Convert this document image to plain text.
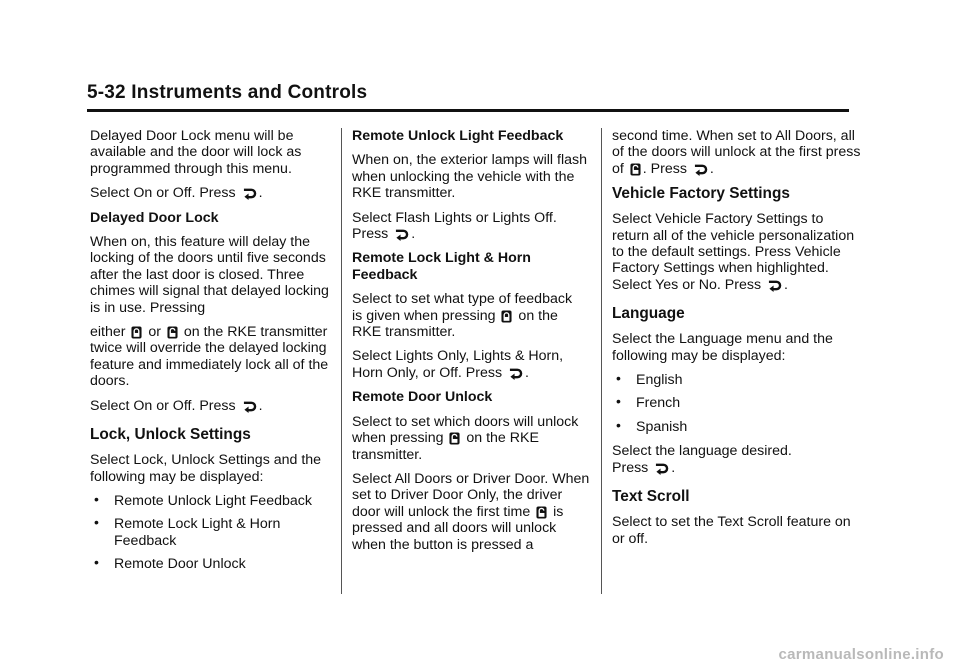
5-32 Instruments and Controls

Delayed Door Lock menu will be available and the door will lock as programmed through this menu.

Select On or Off. Press
.

Delayed Door Lock

When on, this feature will delay the locking of the doors until five seconds after the last door is closed. Three chimes will signal that delayed locking is in use. Pressing

either
or
on the RKE transmitter twice will override the delayed locking feature and immediately lock all of the doors.

Select On or Off. Press
.

Lock, Unlock Settings

Select Lock, Unlock Settings and the following may be displayed:

• Remote Unlock Light Feedback
• Remote Lock Light & Horn Feedback
• Remote Door Unlock

Remote Unlock Light Feedback

When on, the exterior lamps will flash when unlocking the vehicle with the RKE transmitter.

Select Flash Lights or Lights Off.
Press
.

Remote Lock Light & Horn Feedback

Select to set what type of feedback
is given when pressing
on the RKE transmitter.

Select Lights Only, Lights & Horn,
Horn Only, or Off. Press
.

Remote Door Unlock

Select to set which doors will unlock
when pressing
on the RKE transmitter.

Select All Doors or Driver Door. When set to Driver Door Only, the driver door will unlock the first time
is pressed and all doors will unlock when the button is pressed a

second time. When set to All Doors, all of the doors will unlock at the first press of
. Press
.

Vehicle Factory Settings

Select Vehicle Factory Settings to return all of the vehicle personalization to the default settings. Press Vehicle Factory Settings when highlighted. Select Yes or No. Press
.

Language

Select the Language menu and the following may be displayed:

• English
• French
• Spanish

Select the language desired.
Press
.

Text Scroll

Select to set the Text Scroll feature on or off.

carmanualsonline.info
